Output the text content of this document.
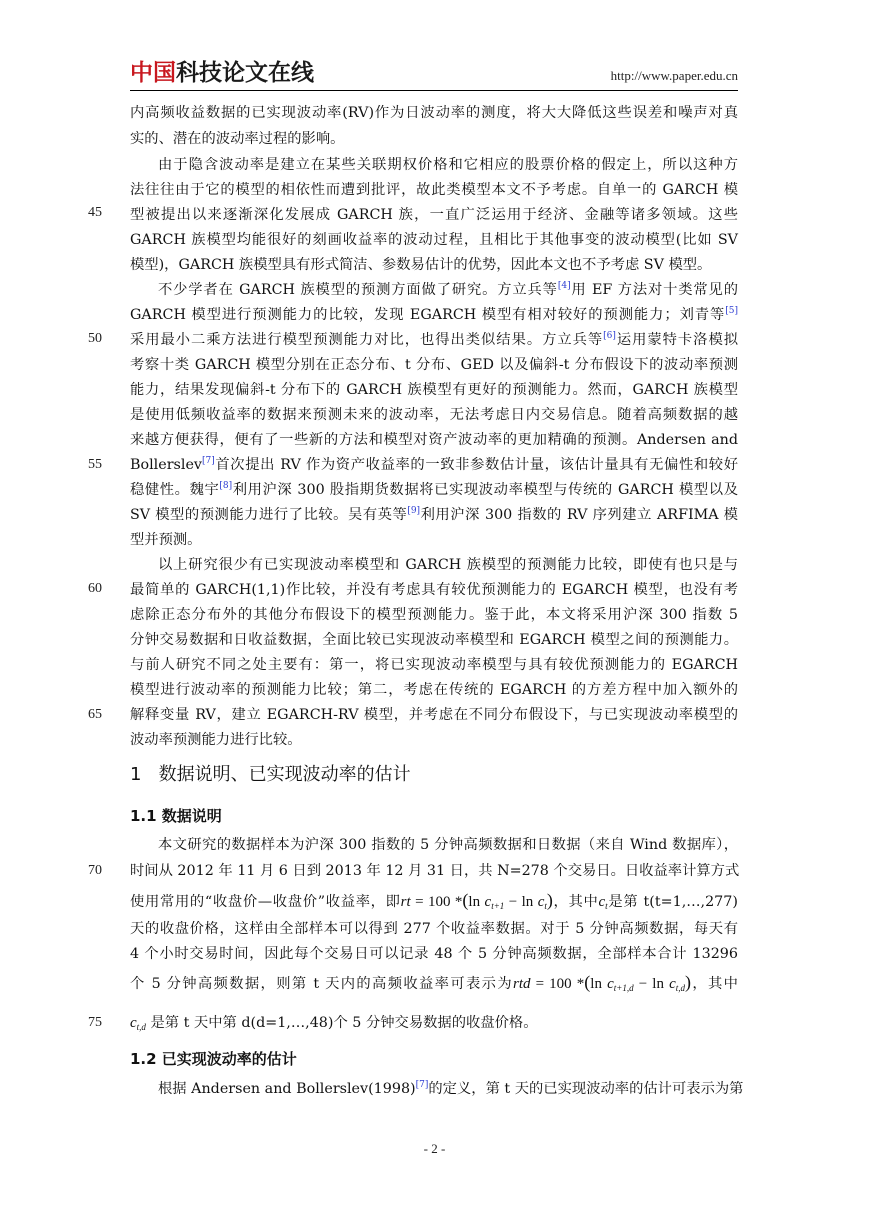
中国科技论文在线	http://www.paper.edu.cn
45
50
55
60
65
70
75
内高频收益数据的已实现波动率(RV)作为日波动率的测度，将大大降低这些误差和噪声对真
实的、潜在的波动率过程的影响。
由于隐含波动率是建立在某些关联期权价格和它相应的股票价格的假定上，所以这种方
法往往由于它的模型的相依性而遭到批评，故此类模型本文不予考虑。自单一的 GARCH 模
型被提出以来逐渐深化发展成 GARCH 族，一直广泛运用于经济、金融等诸多领域。这些
GARCH 族模型均能很好的刻画收益率的波动过程，且相比于其他事变的波动模型(比如 SV
模型)，GARCH 族模型具有形式简洁、参数易估计的优势，因此本文也不予考虑 SV 模型。
不少学者在 GARCH 族模型的预测方面做了研究。方立兵等[4]用 EF 方法对十类常见的
GARCH 模型进行预测能力的比较，发现 EGARCH 模型有相对较好的预测能力；刘青等[5]
采用最小二乘方法进行模型预测能力对比，也得出类似结果。方立兵等[6]运用蒙特卡洛模拟
考察十类 GARCH 模型分别在正态分布、t 分布、GED 以及偏斜-t 分布假设下的波动率预测
能力，结果发现偏斜-t 分布下的 GARCH 族模型有更好的预测能力。然而，GARCH 族模型
是使用低频收益率的数据来预测未来的波动率，无法考虑日内交易信息。随着高频数据的越
来越方便获得，便有了一些新的方法和模型对资产波动率的更加精确的预测。Andersen and
Bollerslev[7]首次提出 RV 作为资产收益率的一致非参数估计量，该估计量具有无偏性和较好
稳健性。魏宇[8]利用沪深 300 股指期货数据将已实现波动率模型与传统的 GARCH 模型以及
SV 模型的预测能力进行了比较。吴有英等[9]利用沪深 300 指数的 RV 序列建立 ARFIMA 模
型并预测。
以上研究很少有已实现波动率模型和 GARCH 族模型的预测能力比较，即使有也只是与
最简单的 GARCH(1,1)作比较，并没有考虑具有较优预测能力的 EGARCH 模型，也没有考
虑除正态分布外的其他分布假设下的模型预测能力。鉴于此，本文将采用沪深 300 指数 5
分钟交易数据和日收益数据，全面比较已实现波动率模型和 EGARCH 模型之间的预测能力。
与前人研究不同之处主要有：第一，将已实现波动率模型与具有较优预测能力的 EGARCH
模型进行波动率的预测能力比较；第二，考虑在传统的 EGARCH 的方差方程中加入额外的
解释变量 RV，建立 EGARCH-RV 模型，并考虑在不同分布假设下，与已实现波动率模型的
波动率预测能力进行比较。
1 数据说明、已实现波动率的估计
1.1 数据说明
本文研究的数据样本为沪深 300 指数的 5 分钟高频数据和日数据（来自 Wind 数据库），
时间从 2012 年 11 月 6 日到 2013 年 12 月 31 日，共 N=278 个交易日。日收益率计算方式
使用常用的“收盘价—收盘价”收益率，即rt = 100 *(ln $c_{t+1} - \ln c_t$)，其中$c_t$是第 t(t=1,…,277)
天的收盘价格，这样由全部样本可以得到 277 个收益率数据。对于 5 分钟高频数据，每天有
4 个小时交易时间，因此每个交易日可以记录 48 个 5 分钟高频数据，全部样本合计 13296
个 5 分钟高频数据，则第 t 天内的高频收益率可表示为rtd = 100 *(ln $c_{t+1,d} - \ln c_{t,d}$)，其中
$c_{t,d}$ 是第 t 天中第 d(d=1,…,48)个 5 分钟交易数据的收盘价格。
1.2 已实现波动率的估计
根据 Andersen and Bollerslev(1998)[7]的定义，第 t 天的已实现波动率的估计可表示为第
- 2 -
